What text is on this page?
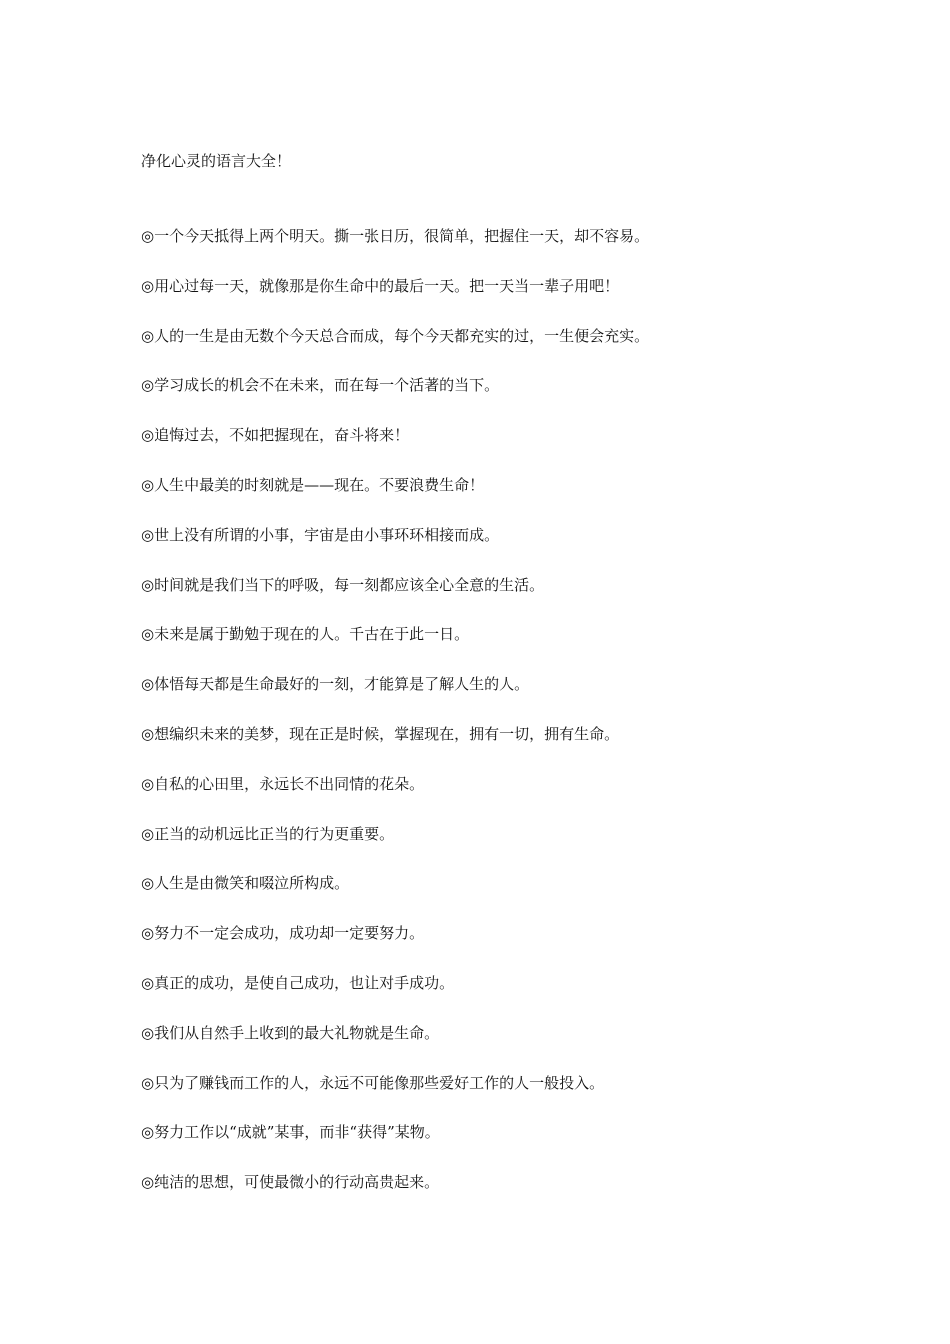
净化心灵的语言大全！
◎一个今天抵得上两个明天。撕一张日历，很简单，把握住一天，却不容易。
◎用心过每一天，就像那是你生命中的最后一天。把一天当一辈子用吧！
◎人的一生是由无数个今天总合而成，每个今天都充实的过，一生便会充实。
◎学习成长的机会不在未来，而在每一个活著的当下。
◎追悔过去，不如把握现在，奋斗将来！
◎人生中最美的时刻就是——现在。不要浪费生命！
◎世上没有所谓的小事，宇宙是由小事环环相接而成。
◎时间就是我们当下的呼吸，每一刻都应该全心全意的生活。
◎未来是属于勤勉于现在的人。千古在于此一日。
◎体悟每天都是生命最好的一刻，才能算是了解人生的人。
◎想编织未来的美梦，现在正是时候，掌握现在，拥有一切，拥有生命。
◎自私的心田里，永远长不出同情的花朵。
◎正当的动机远比正当的行为更重要。
◎人生是由微笑和啜泣所构成。
◎努力不一定会成功，成功却一定要努力。
◎真正的成功，是使自己成功，也让对手成功。
◎我们从自然手上收到的最大礼物就是生命。
◎只为了赚钱而工作的人，永远不可能像那些爱好工作的人一般投入。
◎努力工作以“成就”某事，而非“获得”某物。
◎纯洁的思想，可使最微小的行动高贵起来。
